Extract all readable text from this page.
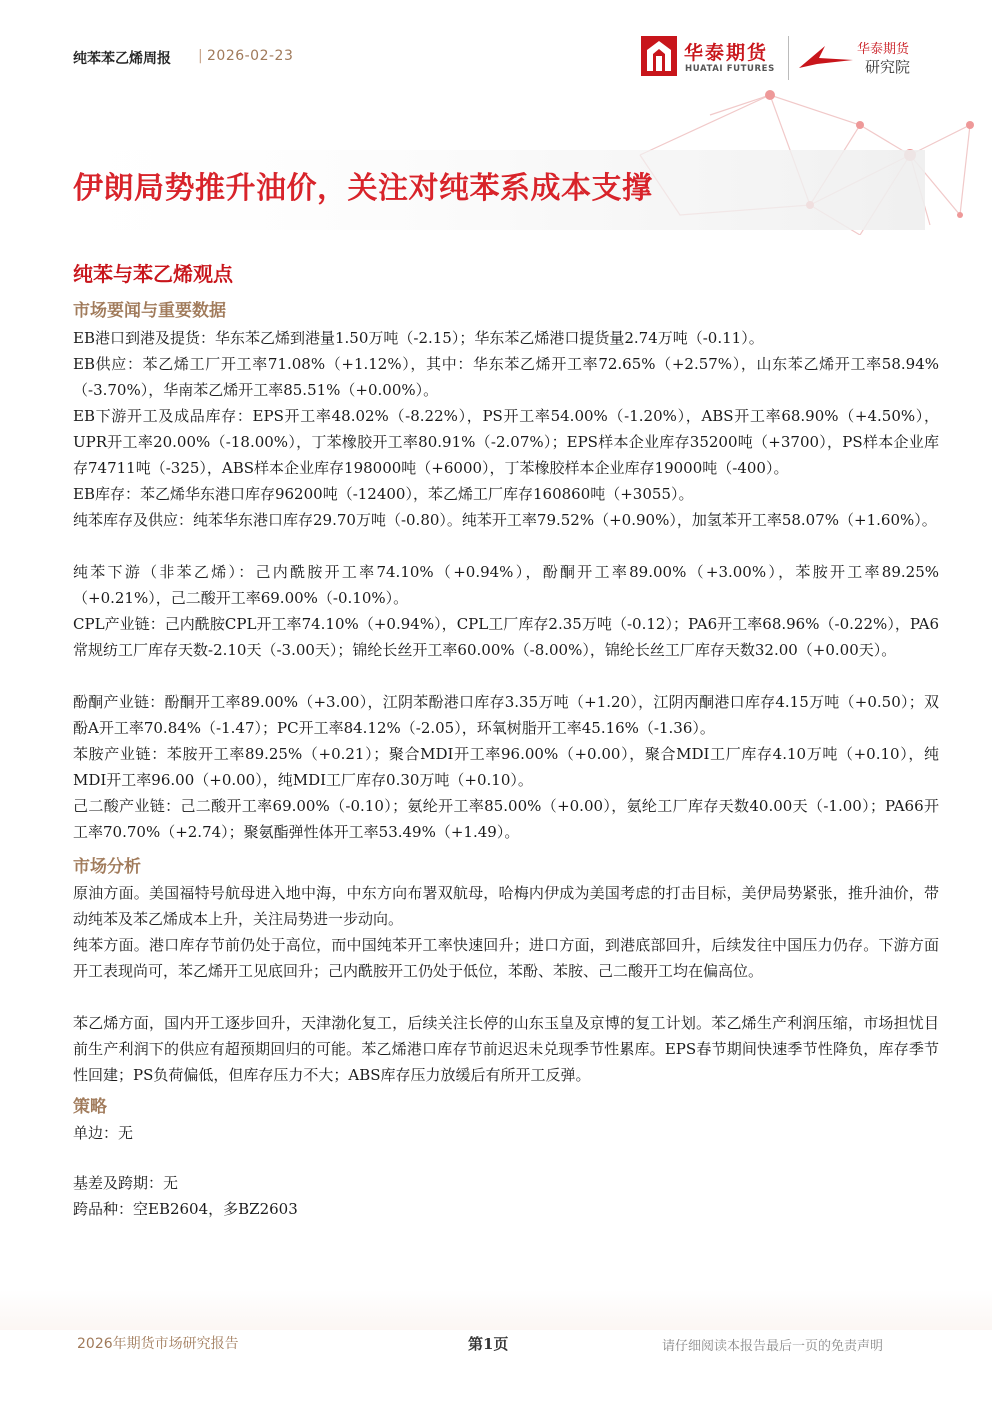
纯苯苯乙烯周报 | 2026-02-23	华泰期货
HUATAI FUTURES
华泰期货
研究院
伊朗局势推升油价，关注对纯苯系成本支撑
纯苯与苯乙烯观点
市场要闻与重要数据

EB港口到港及提货：华东苯乙烯到港量1.50万吨（-2.15）；华东苯乙烯港口提货量2.74万吨（-0.11）。

EB供应：苯乙烯工厂开工率71.08%（+1.12%），其中：华东苯乙烯开工率72.65%（+2.57%），山东苯乙烯开工率58.94%（-3.70%），华南苯乙烯开工率85.51%（+0.00%）。

EB下游开工及成品库存：EPS开工率48.02%（-8.22%），PS开工率54.00%（-1.20%），ABS开工率68.90%（+4.50%），UPR开工率20.00%（-18.00%），丁苯橡胶开工率80.91%（-2.07%）；EPS样本企业库存35200吨（+3700），PS样本企业库存74711吨（-325），ABS样本企业库存198000吨（+6000），丁苯橡胶样本企业库存19000吨（-400）。

EB库存：苯乙烯华东港口库存96200吨（-12400），苯乙烯工厂库存160860吨（+3055）。

纯苯库存及供应：纯苯华东港口库存29.70万吨（-0.80）。纯苯开工率79.52%（+0.90%），加氢苯开工率58.07%（+1.60%）。

纯苯下游（非苯乙烯）：己内酰胺开工率74.10%（+0.94%），酚酮开工率89.00%（+3.00%），苯胺开工率89.25%（+0.21%），己二酸开工率69.00%（-0.10%）。

CPL产业链：己内酰胺CPL开工率74.10%（+0.94%），CPL工厂库存2.35万吨（-0.12）；PA6开工率68.96%（-0.22%），PA6常规纺工厂库存天数-2.10天（-3.00天）；锦纶长丝开工率60.00%（-8.00%），锦纶长丝工厂库存天数32.00（+0.00天）。

酚酮产业链：酚酮开工率89.00%（+3.00），江阴苯酚港口库存3.35万吨（+1.20），江阴丙酮港口库存4.15万吨（+0.50）；双酚A开工率70.84%（-1.47）；PC开工率84.12%（-2.05），环氧树脂开工率45.16%（-1.36）。

苯胺产业链：苯胺开工率89.25%（+0.21）；聚合MDI开工率96.00%（+0.00），聚合MDI工厂库存4.10万吨（+0.10），纯MDI开工率96.00（+0.00），纯MDI工厂库存0.30万吨（+0.10）。

己二酸产业链：己二酸开工率69.00%（-0.10）；氨纶开工率85.00%（+0.00），氨纶工厂库存天数40.00天（-1.00）；PA66开工率70.70%（+2.74）；聚氨酯弹性体开工率53.49%（+1.49）。

市场分析

原油方面。美国福特号航母进入地中海，中东方向布署双航母，哈梅内伊成为美国考虑的打击目标，美伊局势紧张，推升油价，带动纯苯及苯乙烯成本上升，关注局势进一步动向。

纯苯方面。港口库存节前仍处于高位，而中国纯苯开工率快速回升；进口方面，到港底部回升，后续发往中国压力仍存。下游方面开工表现尚可，苯乙烯开工见底回升；己内酰胺开工仍处于低位，苯酚、苯胺、己二酸开工均在偏高位。

苯乙烯方面，国内开工逐步回升，天津渤化复工，后续关注长停的山东玉皇及京博的复工计划。苯乙烯生产利润压缩，市场担忧目前生产利润下的供应有超预期回归的可能。苯乙烯港口库存节前迟迟未兑现季节性累库。EPS春节期间快速季节性降负，库存季节性回建；PS负荷偏低，但库存压力不大；ABS库存压力放缓后有所开工反弹。

策略

单边：无

基差及跨期：无

跨品种：空EB2604，多BZ2603

2026年期货市场研究报告	第1页	请仔细阅读本报告最后一页的免责声明
